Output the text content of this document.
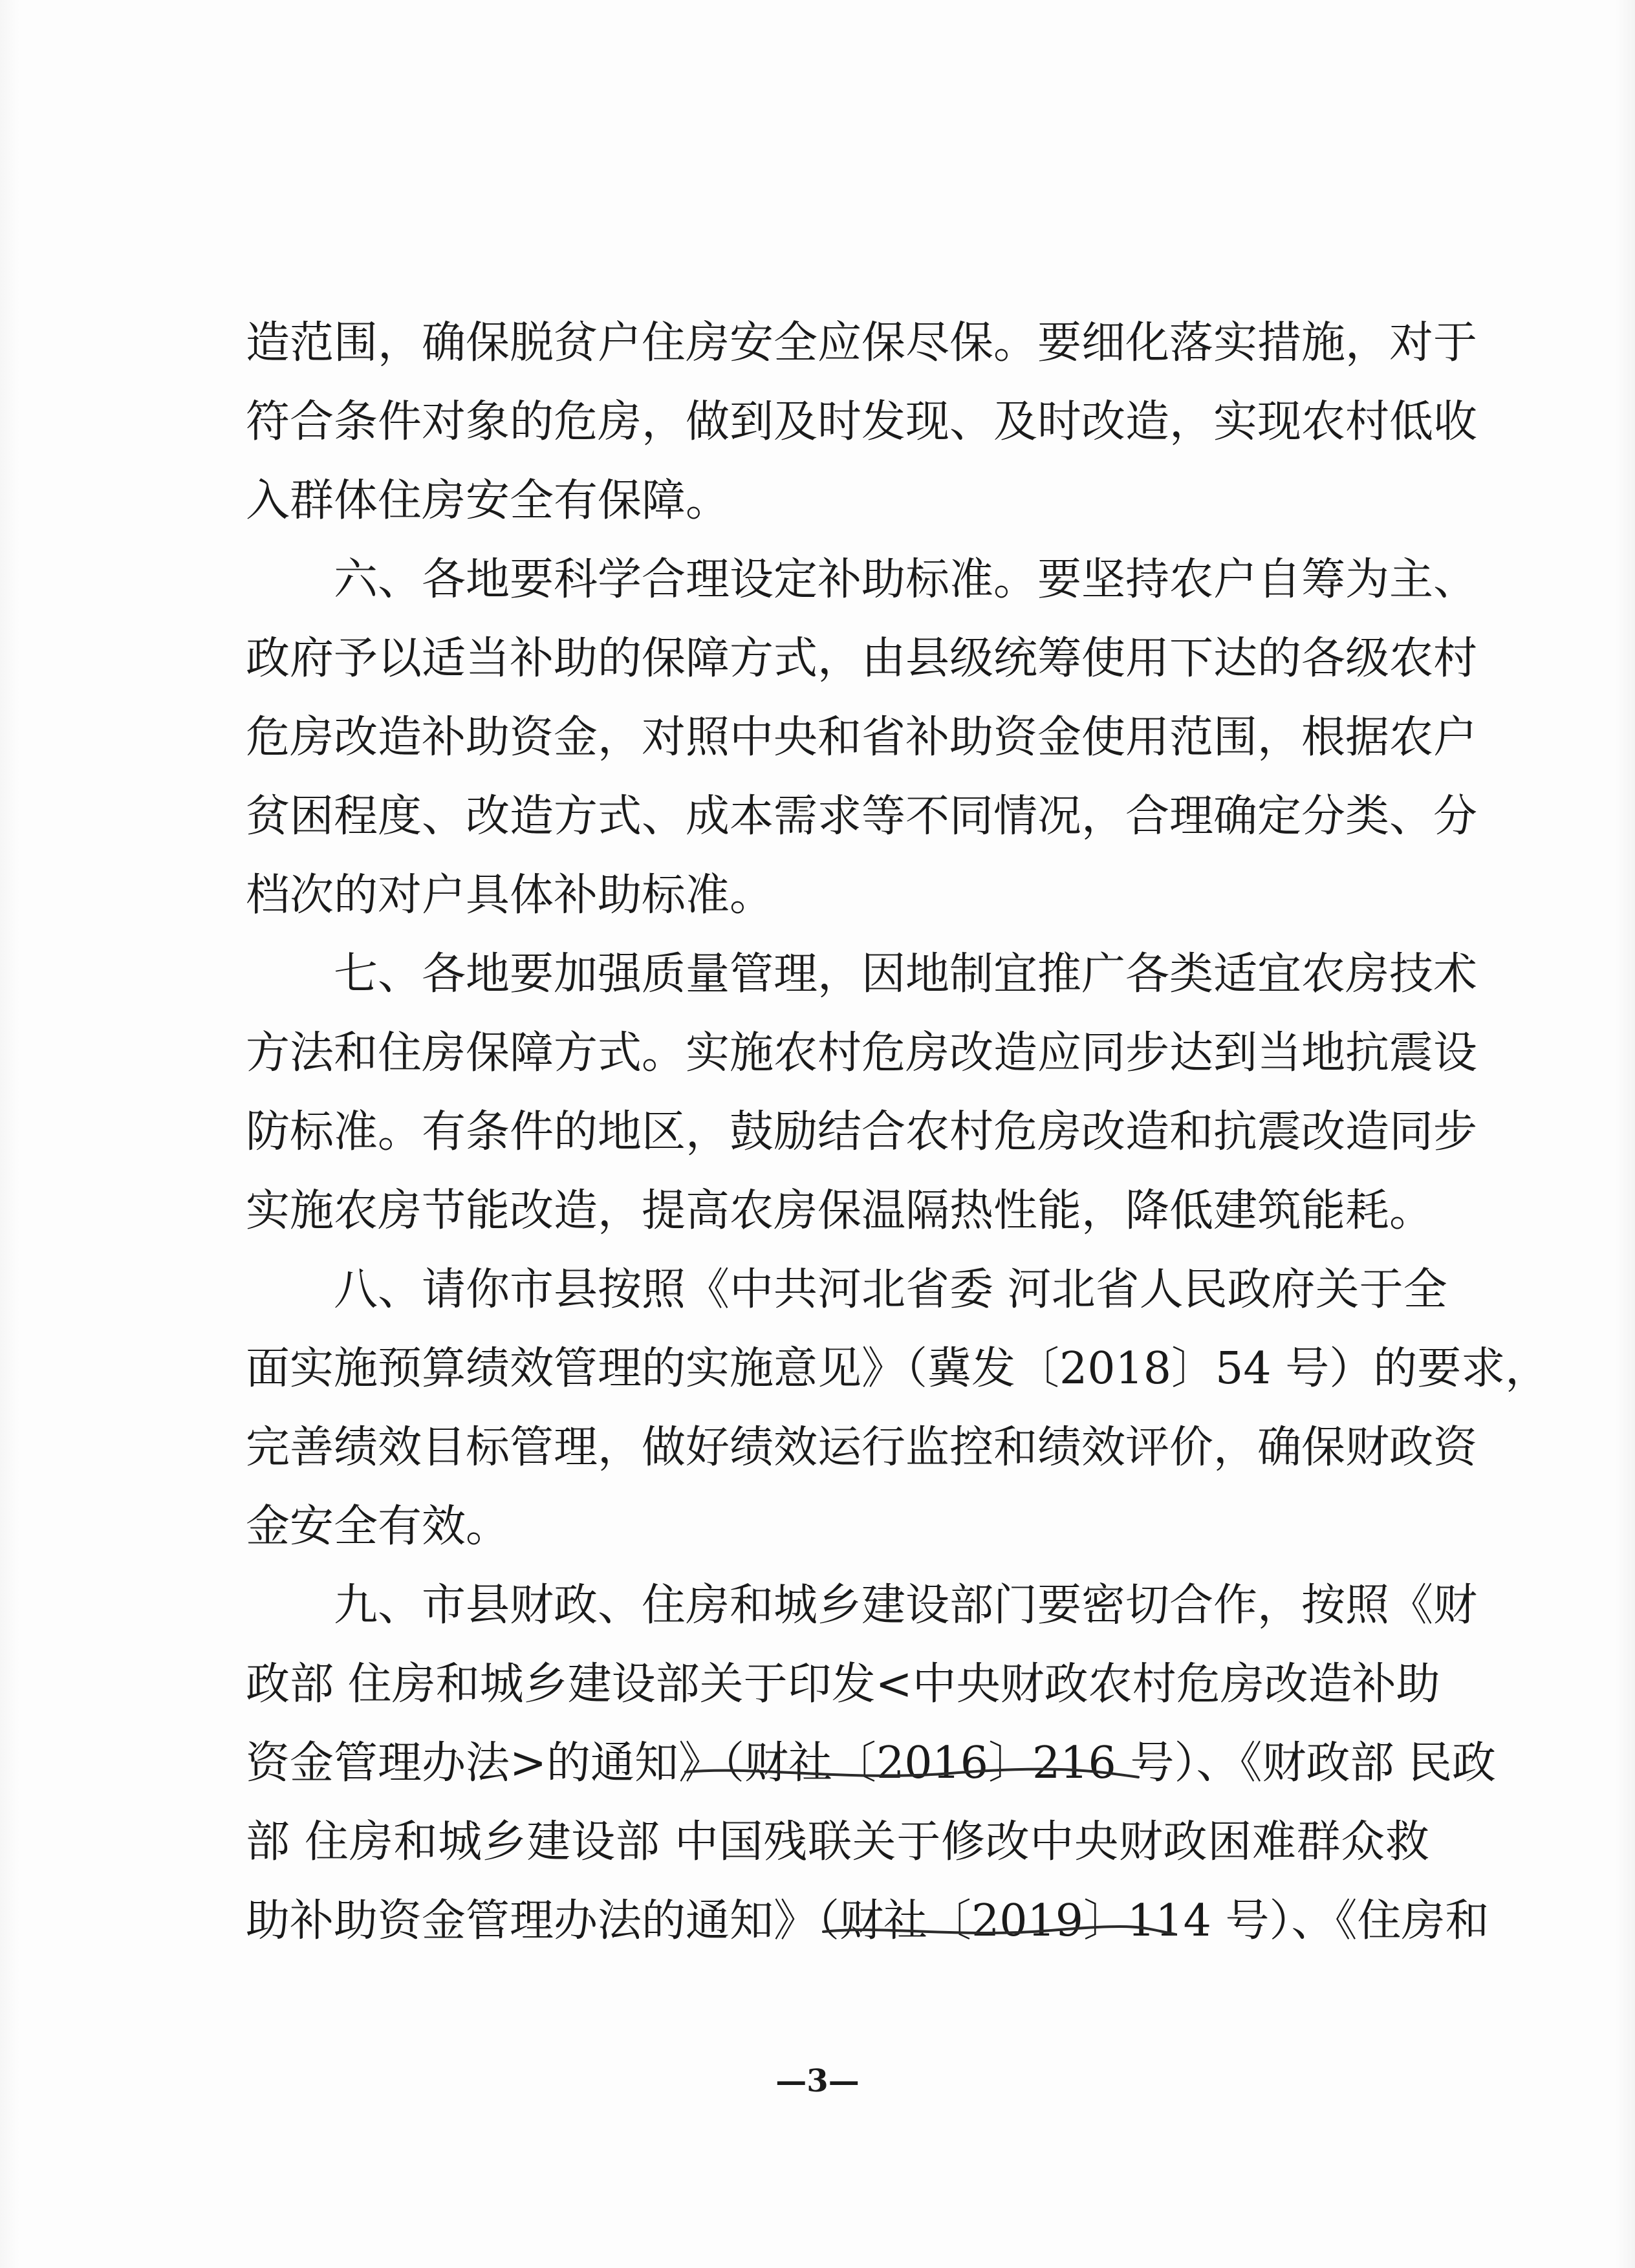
造范围，确保脱贫户住房安全应保尽保。要细化落实措施，对于
符合条件对象的危房，做到及时发现、及时改造，实现农村低收
入群体住房安全有保障。
六、各地要科学合理设定补助标准。要坚持农户自筹为主、
政府予以适当补助的保障方式，由县级统筹使用下达的各级农村
危房改造补助资金，对照中央和省补助资金使用范围，根据农户
贫困程度、改造方式、成本需求等不同情况，合理确定分类、分
档次的对户具体补助标准。
七、各地要加强质量管理，因地制宜推广各类适宜农房技术
方法和住房保障方式。实施农村危房改造应同步达到当地抗震设
防标准。有条件的地区，鼓励结合农村危房改造和抗震改造同步
实施农房节能改造，提高农房保温隔热性能，降低建筑能耗。
八、请你市县按照《中共河北省委 河北省人民政府关于全
面实施预算绩效管理的实施意见》（冀发〔2018〕54 号）的要求，
完善绩效目标管理，做好绩效运行监控和绩效评价，确保财政资
金安全有效。
九、市县财政、住房和城乡建设部门要密切合作，按照《财
政部 住房和城乡建设部关于印发<中央财政农村危房改造补助
资金管理办法>的通知》（财社〔2016〕216 号）、《财政部 民政
部 住房和城乡建设部 中国残联关于修改中央财政困难群众救
助补助资金管理办法的通知》（财社〔2019〕114 号）、《住房和
—3—
